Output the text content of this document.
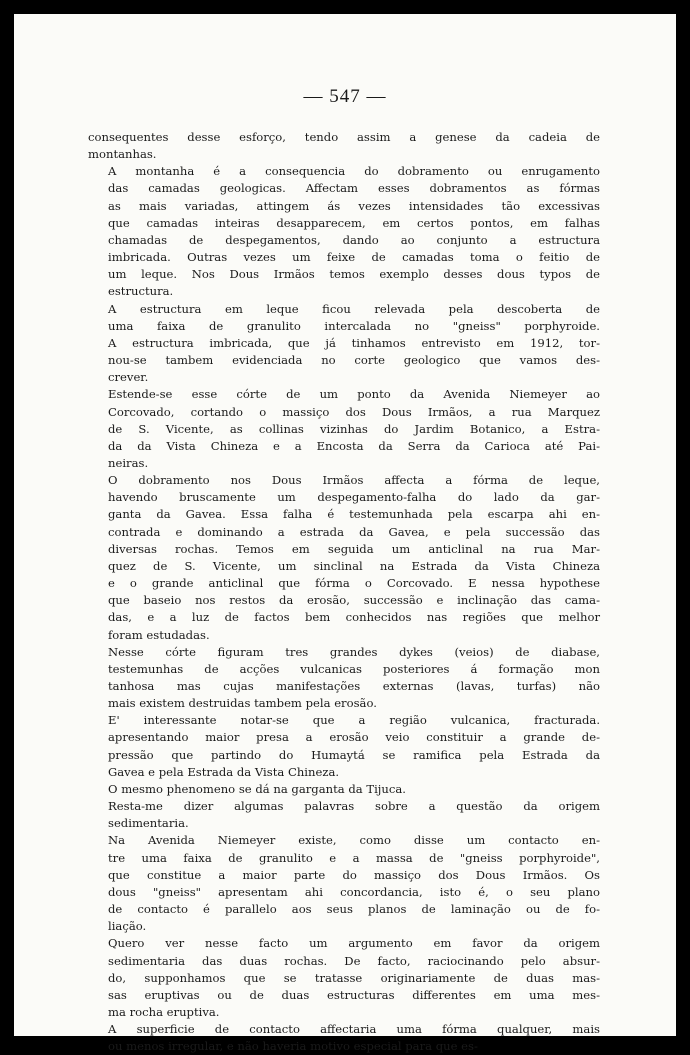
— 547 —
consequentes desse esforço, tendo assim a genese da cadeia de
montanhas.
A montanha é a consequencia do dobramento ou enrugamento
das camadas geologicas. Affectam esses dobramentos as fórmas
as mais variadas, attingem ás vezes intensidades tão excessivas
que camadas inteiras desapparecem, em certos pontos, em falhas
chamadas de despegamentos, dando ao conjunto a estructura
imbricada. Outras vezes um feixe de camadas toma o feitio de
um leque. Nos Dous Irmãos temos exemplo desses dous typos de
estructura.
A estructura em leque ficou relevada pela descoberta de
uma faixa de granulito intercalada no "gneiss" porphyroide.
A estructura imbricada, que já tinhamos entrevisto em 1912, tor-
nou-se tambem evidenciada no corte geologico que vamos des-
crever.
Estende-se esse córte de um ponto da Avenida Niemeyer ao
Corcovado, cortando o massiço dos Dous Irmãos, a rua Marquez
de S. Vicente, as collinas vizinhas do Jardim Botanico, a Estra-
da da Vista Chineza e a Encosta da Serra da Carioca até Pai-
neiras.
O dobramento nos Dous Irmãos affecta a fórma de leque,
havendo bruscamente um despegamento-falha do lado da gar-
ganta da Gavea. Essa falha é testemunhada pela escarpa ahi en-
contrada e dominando a estrada da Gavea, e pela successão das
diversas rochas. Temos em seguida um anticlinal na rua Mar-
quez de S. Vicente, um sinclinal na Estrada da Vista Chineza
e o grande anticlinal que fórma o Corcovado. E nessa hypothese
que baseio nos restos da erosão, successão e inclinação das cama-
das, e a luz de factos bem conhecidos nas regiões que melhor
foram estudadas.
Nesse córte figuram tres grandes dykes (veios) de diabase,
testemunhas de acções vulcanicas posteriores á formação mon
tanhosa mas cujas manifestações externas (lavas, turfas) não
mais existem destruidas tambem pela erosão.
E' interessante notar-se que a região vulcanica, fracturada.
apresentando maior presa a erosão veio constituir a grande de-
pressão que partindo do Humaytá se ramifica pela Estrada da
Gavea e pela Estrada da Vista Chineza.
O mesmo phenomeno se dá na garganta da Tijuca.
Resta-me dizer algumas palavras sobre a questão da origem
sedimentaria.
Na Avenida Niemeyer existe, como disse um contacto en-
tre uma faixa de granulito e a massa de "gneiss porphyroide",
que constitue a maior parte do massiço dos Dous Irmãos. Os
dous "gneiss" apresentam ahi concordancia, isto é, o seu plano
de contacto é parallelo aos seus planos de laminação ou de fo-
liação.
Quero ver nesse facto um argumento em favor da origem
sedimentaria das duas rochas. De facto, raciocinando pelo absur-
do, supponhamos que se tratasse originariamente de duas mas-
sas eruptivas ou de duas estructuras differentes em uma mes-
ma rocha eruptiva.
A superficie de contacto affectaria uma fórma qualquer, mais
ou menos irregular, e não haveria motivo especial para que es-
